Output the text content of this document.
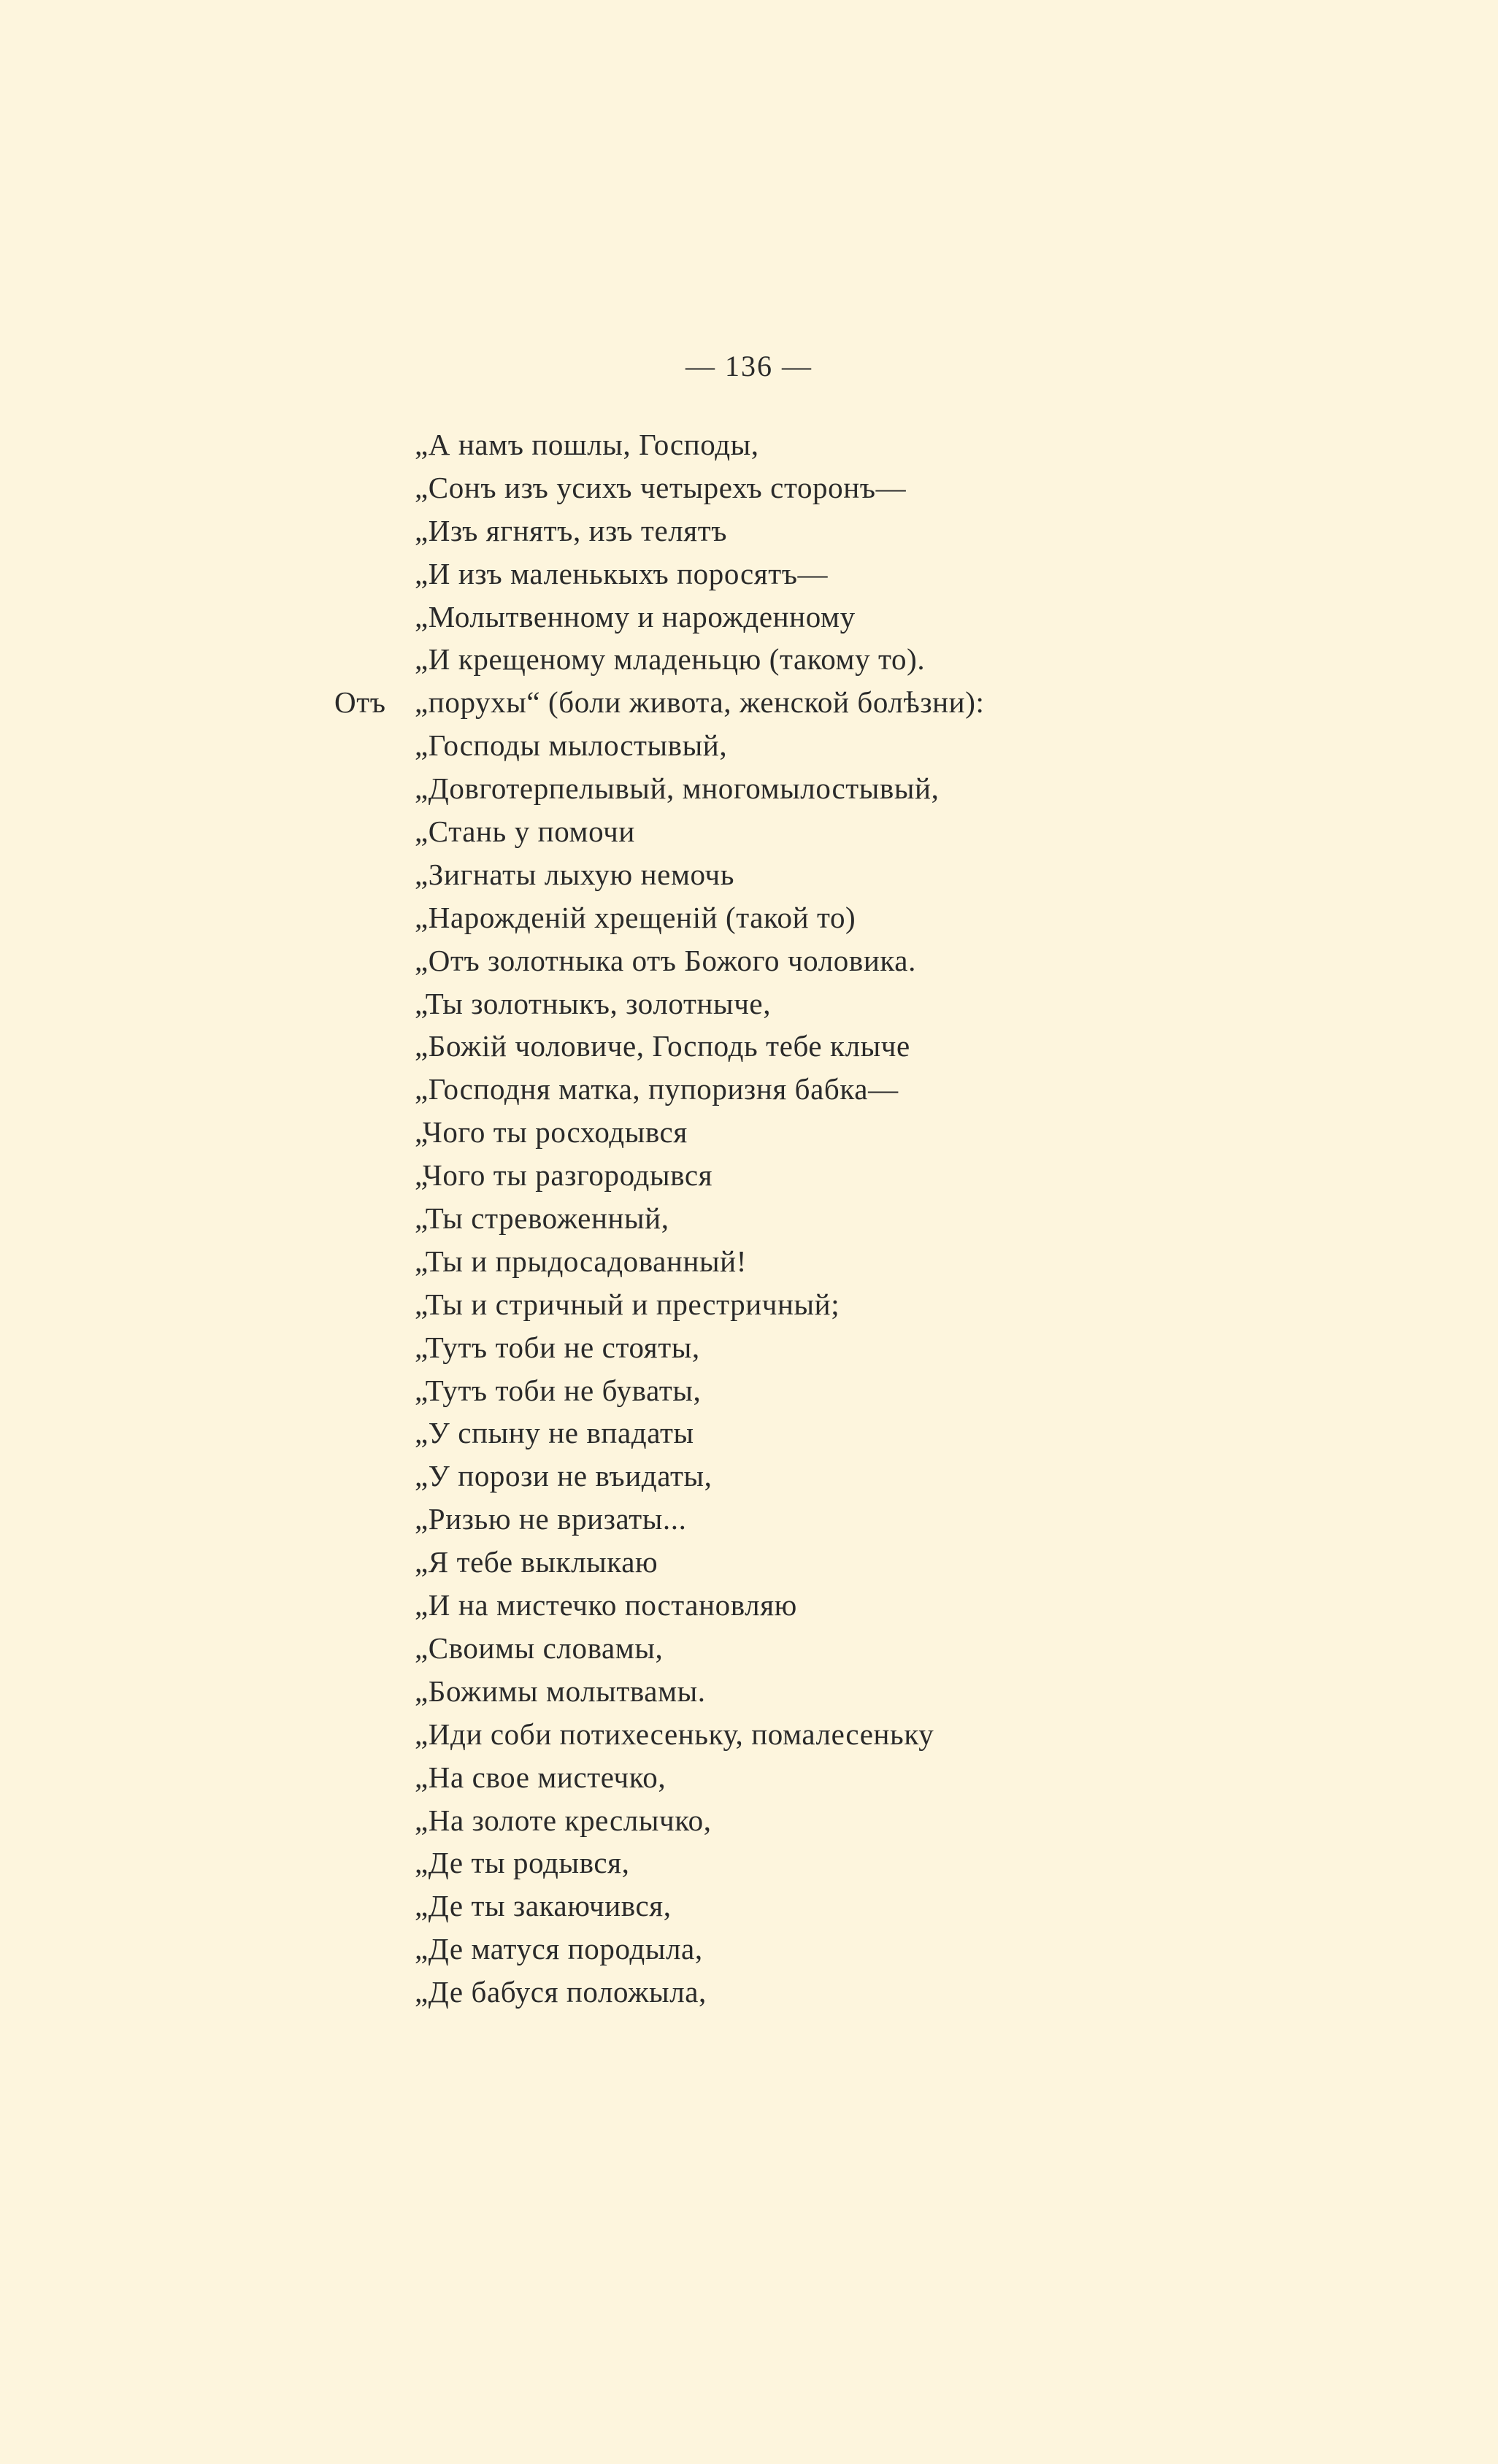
— 136 —
„А намъ пошлы, Господы,
„Сонъ изъ усихъ четырехъ сторонъ—
„Изъ ягнятъ, изъ телятъ
„И изъ маленькыхъ поросятъ—
„Молытвенному и нарожденному
„И крещеному младеньцю (такому то).
Отъ „порухы“ (боли живота, женской болѣзни):
„Господы мылостывый,
„Довготерпелывый, многомылостывый,
„Стань у помочи
„Зигнаты лыхую немочь
„Нарожденій хрещеній (такой то)
„Отъ золотныка отъ Божого чоловика.
„Ты золотныкъ, золотныче,
„Божій чоловиче, Господь тебе клыче
„Господня матка, пупоризня бабка—
„Чого ты росходывся
„Чого ты разгородывся
„Ты стревоженный,
„Ты и прыдосадованный!
„Ты и стричный и престричный;
„Тутъ тоби не стояты,
„Тутъ тоби не буваты,
„У спыну не впадаты
„У порози не въидаты,
„Ризью не вризаты...
„Я тебе выклыкаю
„И на мистечко постановляю
„Своимы словамы,
„Божимы молытвамы.
„Иди соби потихесеньку, помалесеньку
„На свое мистечко,
„На золоте креслычко,
„Де ты родывся,
„Де ты закаючився,
„Де матуся породыла,
„Де бабуся положыла,
